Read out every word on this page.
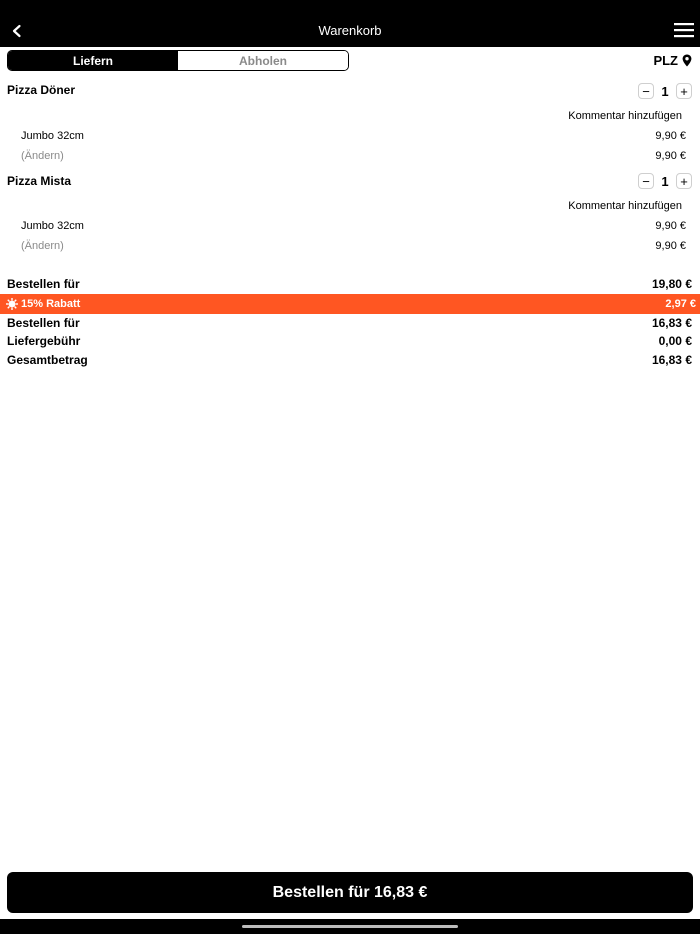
Warenkorb
Liefern	Abholen	PLZ
Pizza Döner	− 1 +
Kommentar hinzufügen
Jumbo 32cm	9,90 €
(Ändern)	9,90 €
Pizza Mista	− 1 +
Kommentar hinzufügen
Jumbo 32cm	9,90 €
(Ändern)	9,90 €
Bestellen für	19,80 €
15% Rabatt	2,97 €
Bestellen für	16,83 €
Liefergebühr	0,00 €
Gesamtbetrag	16,83 €
Bestellen für 16,83 €
